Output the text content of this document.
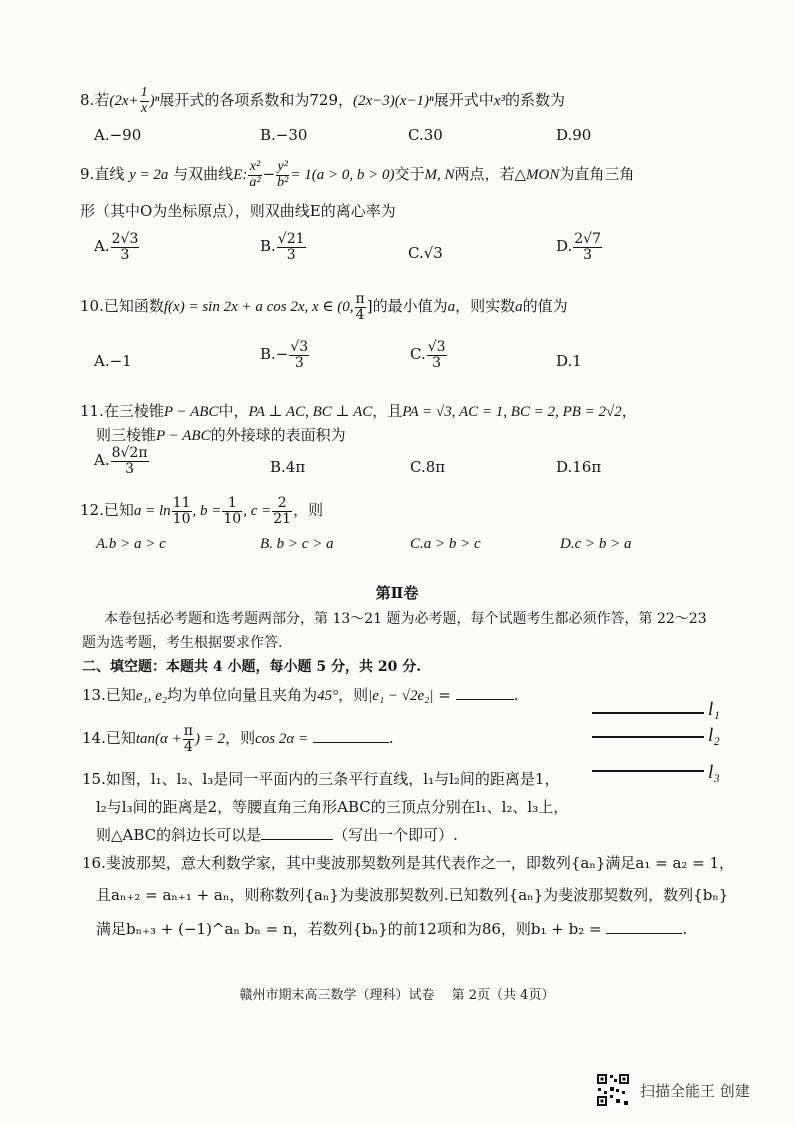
8.若$(2x+ \frac{1}{x} )^n$展开式的各项系数和为729，(2x−3)(x−1)ⁿ展开式中x³的系数为
A.−90	B.−30	C.30	D.90
9.直线 y = 2a 与双曲线E: $\frac{\text{x²}}{\text{a²}} - \frac{\text{y²}}{\text{b²}} = 1(a > 0$, b > 0)交于M, N两点，若△MON为直角三角
形（其中O为坐标原点），则双曲线E的离心率为
A. $\frac{2√3}{3}$	B. $\frac{√21}{3}$	C.√3	D. $\frac{2√7}{3}$
10.已知函数f(x) = sin 2x + a cos 2x, x ∈ (0, $\frac{\pi}{4}$ ]的最小值为a，则实数a的值为
A.−1	$B.- \frac{√3}{3}$	C. $\frac{√3}{3}$	D.1
11.在三棱锥P − ABC中，PA ⊥ AC, BC ⊥ AC，且PA = √3, AC = 1, BC = 2, PB = 2√2，
则三棱锥P − ABC的外接球的表面积为
A. $\frac{8√2\pi}{3}$	B.4π	C.8π	D.16π
12.已知$a = \ln \frac{11}{10}$ , $b = \frac{1}{10}$ , $c = \frac{2}{21}$ ，则
A.b > a > c	B. b > c > a	C.a > b > c	D.c > b > a
第Ⅱ卷
本卷包括必考题和选考题两部分，第 13～21 题为必考题，每个试题考生都必须作答，第 22～23
题为选考题，考生根据要求作答.
二、填空题：本题共 4 小题，每小题 5 分，共 20 分.
13.已知e₁, e₂均为单位向量且夹角为45°，则|e₁ − √2e₂| =	.
14.已知$\tan(\alpha + \frac{\pi}{4}$ ) = 2，则cos 2α =	.
l₁
l₂
l₃
15.如图，l₁、l₂、l₃是同一平面内的三条平行直线，l₁与l₂间的距离是1，
l₂与l₃间的距离是2，等腰直角三角形ABC的三顶点分别在l₁、l₂、l₃上，
则△ABC的斜边长可以是	（写出一个即可）.
16.斐波那契，意大利数学家，其中斐波那契数列是其代表作之一，即数列{aₙ}满足a₁ = a₂ = 1，
且aₙ₊₂ = aₙ₊₁ + aₙ，则称数列{aₙ}为斐波那契数列.已知数列{aₙ}为斐波那契数列，数列{bₙ}
满足bₙ₊₃ + (−1)^aₙ bₙ = n，若数列{bₙ}的前12项和为86，则b₁ + b₂ =	.
赣州市期末高三数学（理科）试卷　 第 2页（共 4页）
扫描全能王 创建
